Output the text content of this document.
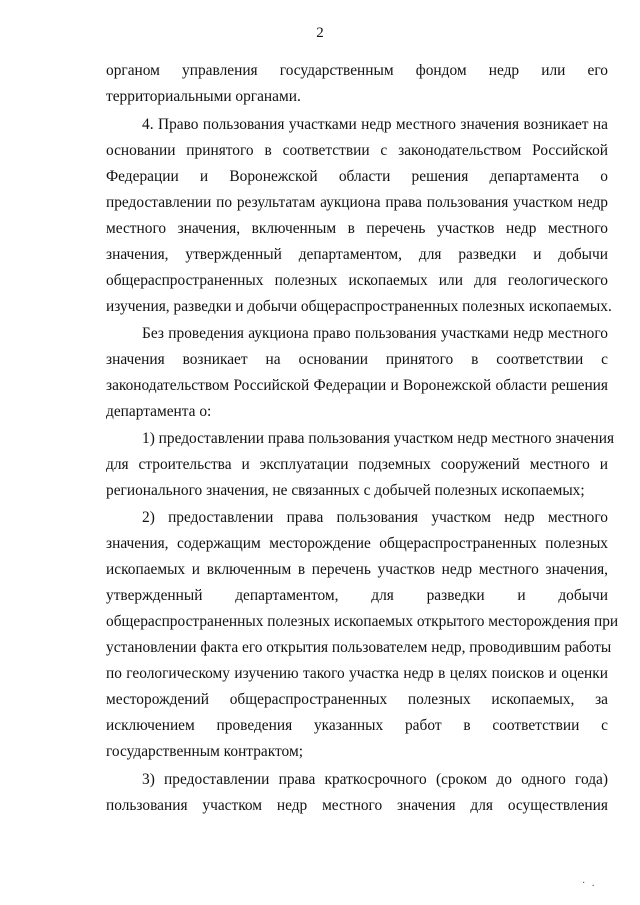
2
органом управления государственным фондом недр или его
территориальными органами.
4. Право пользования участками недр местного значения возникает на
основании принятого в соответствии с законодательством Российской
Федерации и Воронежской области решения департамента о
предоставлении по результатам аукциона права пользования участком недр
местного значения, включенным в перечень участков недр местного
значения, утвержденный департаментом, для разведки и добычи
общераспространенных полезных ископаемых или для геологического
изучения, разведки и добычи общераспространенных полезных ископаемых.
Без проведения аукциона право пользования участками недр местного
значения возникает на основании принятого в соответствии с
законодательством Российской Федерации и Воронежской области решения
департамента о:
1) предоставлении права пользования участком недр местного значения
для строительства и эксплуатации подземных сооружений местного и
регионального значения, не связанных с добычей полезных ископаемых;
2) предоставлении права пользования участком недр местного
значения, содержащим месторождение общераспространенных полезных
ископаемых и включенным в перечень участков недр местного значения,
утвержденный департаментом, для разведки и добычи
общераспространенных полезных ископаемых открытого месторождения при
установлении факта его открытия пользователем недр, проводившим работы
по геологическому изучению такого участка недр в целях поисков и оценки
месторождений общераспространенных полезных ископаемых, за
исключением проведения указанных работ в соответствии с
государственным контрактом;
3) предоставлении права краткосрочного (сроком до одного года)
пользования участком недр местного значения для осуществления
· .
